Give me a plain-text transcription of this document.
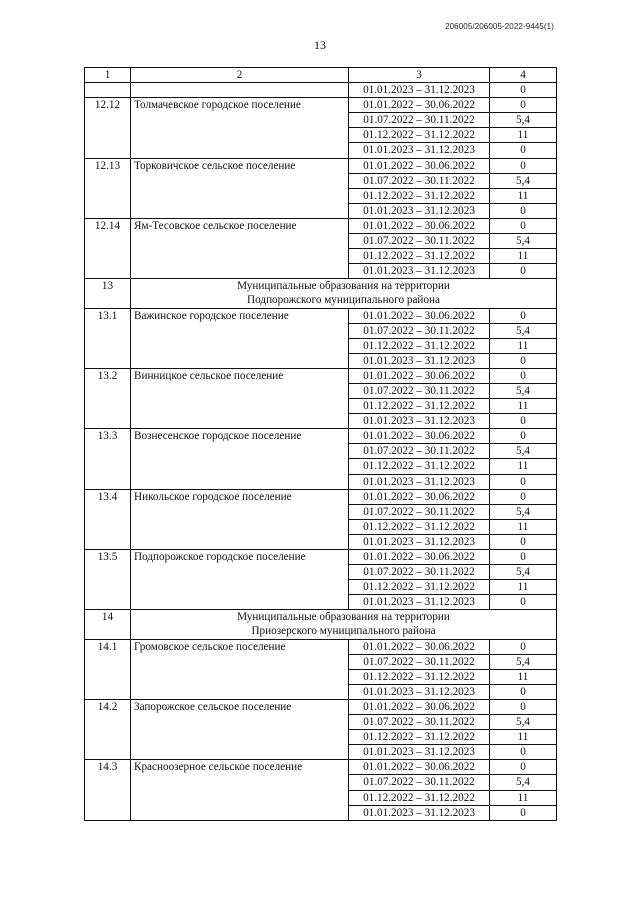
206005/206005-2022-9445(1)
13
1	2	3	4
		01.01.2023 – 31.12.2023	0
12.12	Толмачевское городское поселение	01.01.2022 – 30.06.2022	0
		01.07.2022 – 30.11.2022	5,4
		01.12.2022 – 31.12.2022	11
		01.01.2023 – 31.12.2023	0
12.13	Торковичское сельское поселение	01.01.2022 – 30.06.2022	0
		01.07.2022 – 30.11.2022	5,4
		01.12.2022 – 31.12.2022	11
		01.01.2023 – 31.12.2023	0
12.14	Ям-Тесовское сельское поселение	01.01.2022 – 30.06.2022	0
		01.07.2022 – 30.11.2022	5,4
		01.12.2022 – 31.12.2022	11
		01.01.2023 – 31.12.2023	0
13	Муниципальные образования на территории		
	Подпорожского муниципального района		
13.1	Важинское городское поселение	01.01.2022 – 30.06.2022	0
		01.07.2022 – 30.11.2022	5,4
		01.12.2022 – 31.12.2022	11
		01.01.2023 – 31.12.2023	0
13.2	Винницкое сельское поселение	01.01.2022 – 30.06.2022	0
		01.07.2022 – 30.11.2022	5,4
		01.12.2022 – 31.12.2022	11
		01.01.2023 – 31.12.2023	0
13.3	Вознесенское городское поселение	01.01.2022 – 30.06.2022	0
		01.07.2022 – 30.11.2022	5,4
		01.12.2022 – 31.12.2022	11
		01.01.2023 – 31.12.2023	0
13.4	Никольское городское поселение	01.01.2022 – 30.06.2022	0
		01.07.2022 – 30.11.2022	5,4
		01.12.2022 – 31.12.2022	11
		01.01.2023 – 31.12.2023	0
13.5	Подпорожское городское поселение	01.01.2022 – 30.06.2022	0
		01.07.2022 – 30.11.2022	5,4
		01.12.2022 – 31.12.2022	11
		01.01.2023 – 31.12.2023	0
14	Муниципальные образования на территории		
	Приозерского муниципального района		
14.1	Громовское сельское поселение	01.01.2022 – 30.06.2022	0
		01.07.2022 – 30.11.2022	5,4
		01.12.2022 – 31.12.2022	11
		01.01.2023 – 31.12.2023	0
14.2	Запорожское сельское поселение	01.01.2022 – 30.06.2022	0
		01.07.2022 – 30.11.2022	5,4
		01.12.2022 – 31.12.2022	11
		01.01.2023 – 31.12.2023	0
14.3	Красноозерное сельское поселение	01.01.2022 – 30.06.2022	0
		01.07.2022 – 30.11.2022	5,4
		01.12.2022 – 31.12.2022	11
		01.01.2023 – 31.12.2023	0
